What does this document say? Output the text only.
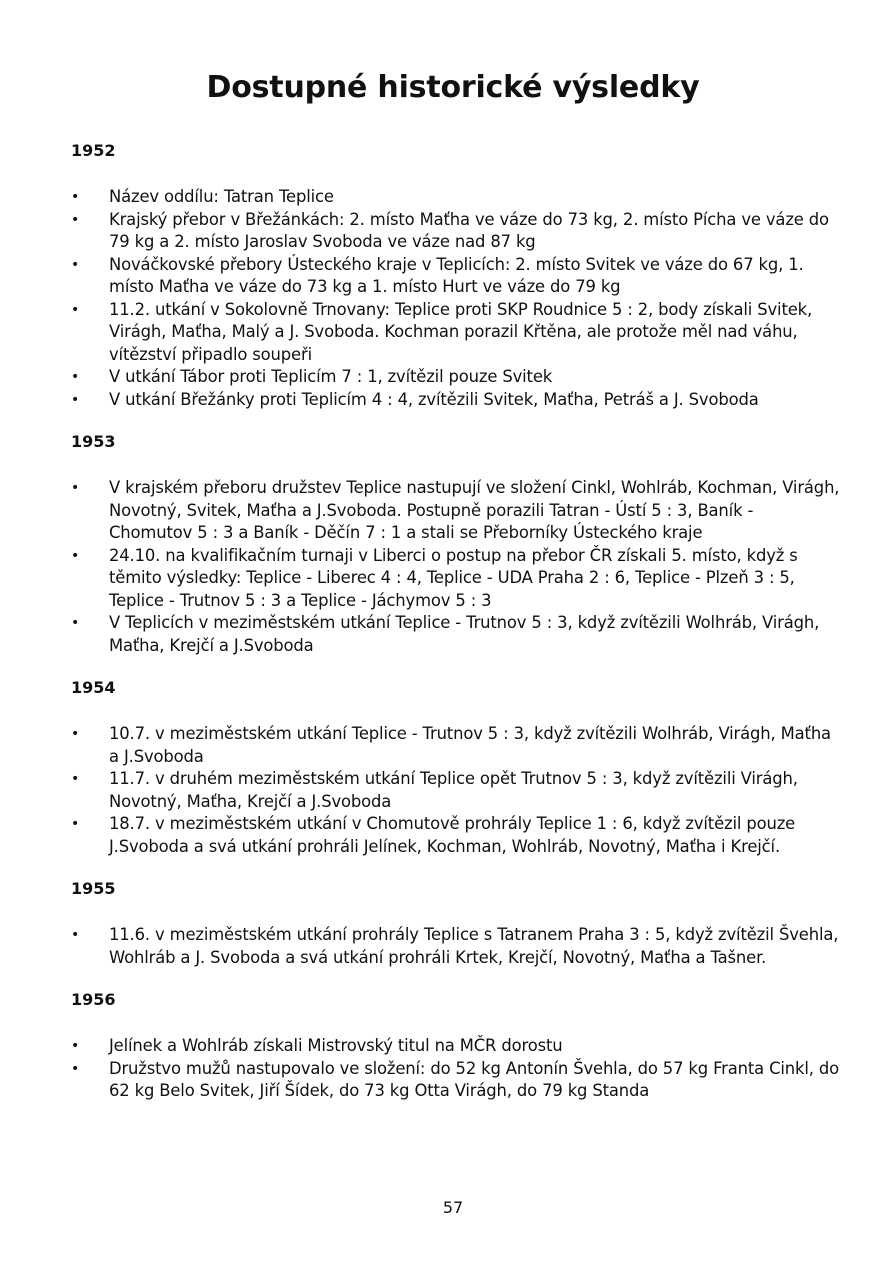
Dostupné historické výsledky
1952
• Název oddílu: Tatran Teplice
• Krajský přebor v Břežánkách: 2. místo Maťha ve váze do 73 kg, 2. místo Pícha ve váze do 79 kg a 2. místo Jaroslav Svoboda ve váze nad 87 kg
• Nováčkovské přebory Ústeckého kraje v Teplicích: 2. místo Svitek ve váze do 67 kg, 1. místo Maťha ve váze do 73 kg a 1. místo Hurt ve váze do 79 kg
• 11.2. utkání v Sokolovně Trnovany: Teplice proti SKP Roudnice 5 : 2, body získali Svitek, Virágh, Maťha, Malý a J. Svoboda. Kochman porazil Křtěna, ale protože měl nad váhu, vítězství připadlo soupeři
• V utkání Tábor proti Teplicím 7 : 1, zvítězil pouze Svitek
• V utkání Břežánky proti Teplicím 4 : 4, zvítězili Svitek, Maťha, Petráš a J. Svoboda
1953
• V krajském přeboru družstev Teplice nastupují ve složení Cinkl, Wohlráb, Kochman, Virágh, Novotný, Svitek, Maťha a J.Svoboda. Postupně porazili Tatran - Ústí 5 : 3, Baník - Chomutov 5 : 3 a Baník - Děčín 7 : 1 a stali se Přeborníky Ústeckého kraje
• 24.10. na kvalifikačním turnaji v Liberci o postup na přebor ČR získali 5. místo, když s těmito výsledky: Teplice - Liberec 4 : 4, Teplice - UDA Praha 2 : 6, Teplice - Plzeň 3 : 5, Teplice - Trutnov 5 : 3 a Teplice - Jáchymov 5 : 3
• V Teplicích v meziměstském utkání Teplice - Trutnov 5 : 3, když zvítězili Wolhráb, Virágh, Maťha, Krejčí a J.Svoboda
1954
• 10.7. v meziměstském utkání Teplice - Trutnov 5 : 3, když zvítězili Wolhráb, Virágh, Maťha a J.Svoboda
• 11.7. v druhém meziměstském utkání Teplice opět Trutnov 5 : 3, když zvítězili Virágh, Novotný, Maťha, Krejčí a J.Svoboda
• 18.7. v meziměstském utkání v Chomutově prohrály Teplice 1 : 6, když zvítězil pouze J.Svoboda a svá utkání prohráli Jelínek, Kochman, Wohlráb, Novotný, Maťha i Krejčí.
1955
• 11.6. v meziměstském utkání prohrály Teplice s Tatranem Praha 3 : 5, když zvítězil Švehla, Wohlráb a J. Svoboda a svá utkání prohráli Krtek, Krejčí, Novotný, Maťha a Tašner.
1956
• Jelínek a Wohlráb získali Mistrovský titul na MČR dorostu
• Družstvo mužů nastupovalo ve složení: do 52 kg Antonín Švehla, do 57 kg Franta Cinkl, do 62 kg Belo Svitek, Jiří Šídek, do 73 kg Otta Virágh, do 79 kg Standa
57
